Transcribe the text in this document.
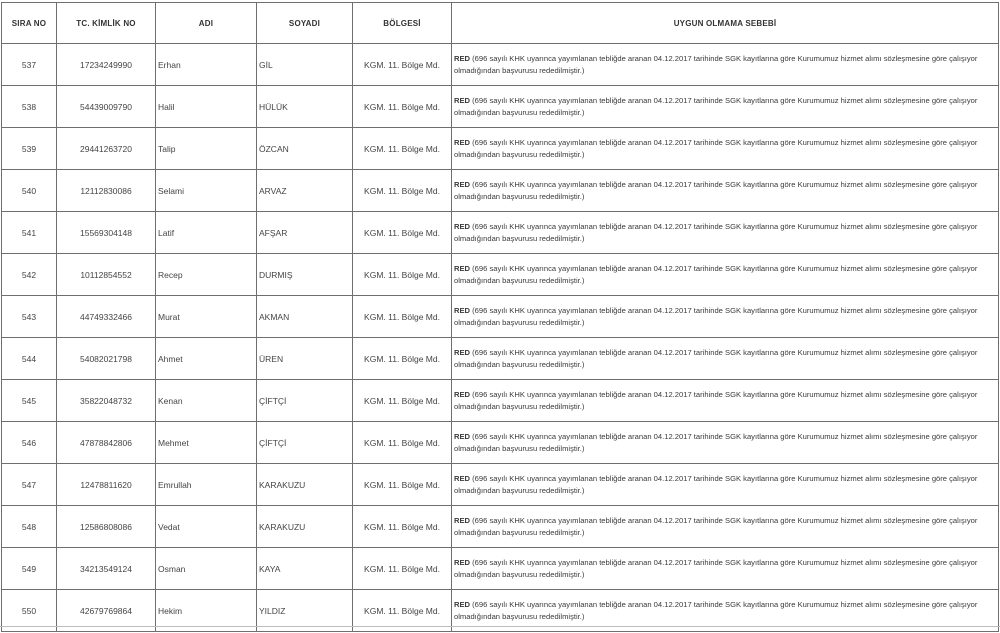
SIRA NO	TC. KİMLİK NO	ADI	SOYADI	BÖLGESİ	UYGUN OLMAMA SEBEBİ
537	17234249990	Erhan	GİL	KGM. 11. Bölge Md.	RED (696 sayılı KHK uyarınca yayımlanan tebliğde aranan 04.12.2017 tarihinde SGK kayıtlarına göre Kurumumuz hizmet alımı sözleşmesine göre çalışıyor olmadığından başvurusu rededilmiştir.)
538	54439009790	Halil	HÜLÜK	KGM. 11. Bölge Md.	RED (696 sayılı KHK uyarınca yayımlanan tebliğde aranan 04.12.2017 tarihinde SGK kayıtlarına göre Kurumumuz hizmet alımı sözleşmesine göre çalışıyor olmadığından başvurusu rededilmiştir.)
539	29441263720	Talip	ÖZCAN	KGM. 11. Bölge Md.	RED (696 sayılı KHK uyarınca yayımlanan tebliğde aranan 04.12.2017 tarihinde SGK kayıtlarına göre Kurumumuz hizmet alımı sözleşmesine göre çalışıyor olmadığından başvurusu rededilmiştir.)
540	12112830086	Selami	ARVAZ	KGM. 11. Bölge Md.	RED (696 sayılı KHK uyarınca yayımlanan tebliğde aranan 04.12.2017 tarihinde SGK kayıtlarına göre Kurumumuz hizmet alımı sözleşmesine göre çalışıyor olmadığından başvurusu rededilmiştir.)
541	15569304148	Latif	AFŞAR	KGM. 11. Bölge Md.	RED (696 sayılı KHK uyarınca yayımlanan tebliğde aranan 04.12.2017 tarihinde SGK kayıtlarına göre Kurumumuz hizmet alımı sözleşmesine göre çalışıyor olmadığından başvurusu rededilmiştir.)
542	10112854552	Recep	DURMIŞ	KGM. 11. Bölge Md.	RED (696 sayılı KHK uyarınca yayımlanan tebliğde aranan 04.12.2017 tarihinde SGK kayıtlarına göre Kurumumuz hizmet alımı sözleşmesine göre çalışıyor olmadığından başvurusu rededilmiştir.)
543	44749332466	Murat	AKMAN	KGM. 11. Bölge Md.	RED (696 sayılı KHK uyarınca yayımlanan tebliğde aranan 04.12.2017 tarihinde SGK kayıtlarına göre Kurumumuz hizmet alımı sözleşmesine göre çalışıyor olmadığından başvurusu rededilmiştir.)
544	54082021798	Ahmet	ÜREN	KGM. 11. Bölge Md.	RED (696 sayılı KHK uyarınca yayımlanan tebliğde aranan 04.12.2017 tarihinde SGK kayıtlarına göre Kurumumuz hizmet alımı sözleşmesine göre çalışıyor olmadığından başvurusu rededilmiştir.)
545	35822048732	Kenan	ÇİFTÇİ	KGM. 11. Bölge Md.	RED (696 sayılı KHK uyarınca yayımlanan tebliğde aranan 04.12.2017 tarihinde SGK kayıtlarına göre Kurumumuz hizmet alımı sözleşmesine göre çalışıyor olmadığından başvurusu rededilmiştir.)
546	47878842806	Mehmet	ÇİFTÇİ	KGM. 11. Bölge Md.	RED (696 sayılı KHK uyarınca yayımlanan tebliğde aranan 04.12.2017 tarihinde SGK kayıtlarına göre Kurumumuz hizmet alımı sözleşmesine göre çalışıyor olmadığından başvurusu rededilmiştir.)
547	12478811620	Emrullah	KARAKUZU	KGM. 11. Bölge Md.	RED (696 sayılı KHK uyarınca yayımlanan tebliğde aranan 04.12.2017 tarihinde SGK kayıtlarına göre Kurumumuz hizmet alımı sözleşmesine göre çalışıyor olmadığından başvurusu rededilmiştir.)
548	12586808086	Vedat	KARAKUZU	KGM. 11. Bölge Md.	RED (696 sayılı KHK uyarınca yayımlanan tebliğde aranan 04.12.2017 tarihinde SGK kayıtlarına göre Kurumumuz hizmet alımı sözleşmesine göre çalışıyor olmadığından başvurusu rededilmiştir.)
549	34213549124	Osman	KAYA	KGM. 11. Bölge Md.	RED (696 sayılı KHK uyarınca yayımlanan tebliğde aranan 04.12.2017 tarihinde SGK kayıtlarına göre Kurumumuz hizmet alımı sözleşmesine göre çalışıyor olmadığından başvurusu rededilmiştir.)
550	42679769864	Hekim	YILDIZ	KGM. 11. Bölge Md.	RED (696 sayılı KHK uyarınca yayımlanan tebliğde aranan 04.12.2017 tarihinde SGK kayıtlarına göre Kurumumuz hizmet alımı sözleşmesine göre çalışıyor olmadığından başvurusu rededilmiştir.)
